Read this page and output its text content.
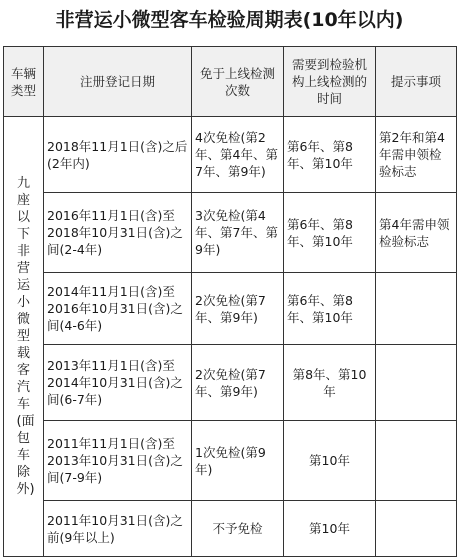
非营运小微型客车检验周期表(10年以内)
车辆类型	注册登记日期	免于上线检测次数	需要到检验机构上线检测的时间	提示事项

九座以下非营运小微型载客汽车(面包车除外)	2018年11月1日(含)之后(2年内)	4次免检(第2年、第4年、第7年、第9年)	第6年、第8年、第10年	第2年和第4年需申领检验标志
	2016年11月1日(含)至2018年10月31日(含)之间(2-4年)	3次免检(第4年、第7年、第9年)	第6年、第8年、第10年	第4年需申领检验标志
	2014年11月1日(含)至2016年10月31日(含)之间(4-6年)	2次免检(第7年、第9年)	第6年、第8年、第10年	
	2013年11月1日(含)至2014年10月31日(含)之间(6-7年)	2次免检(第7年、第9年)	第8年、第10年	
	2011年11月1日(含)至2013年10月31日(含)之间(7-9年)	1次免检(第9年)	第10年	
	2011年10月31日(含)之前(9年以上)	不予免检	第10年	
